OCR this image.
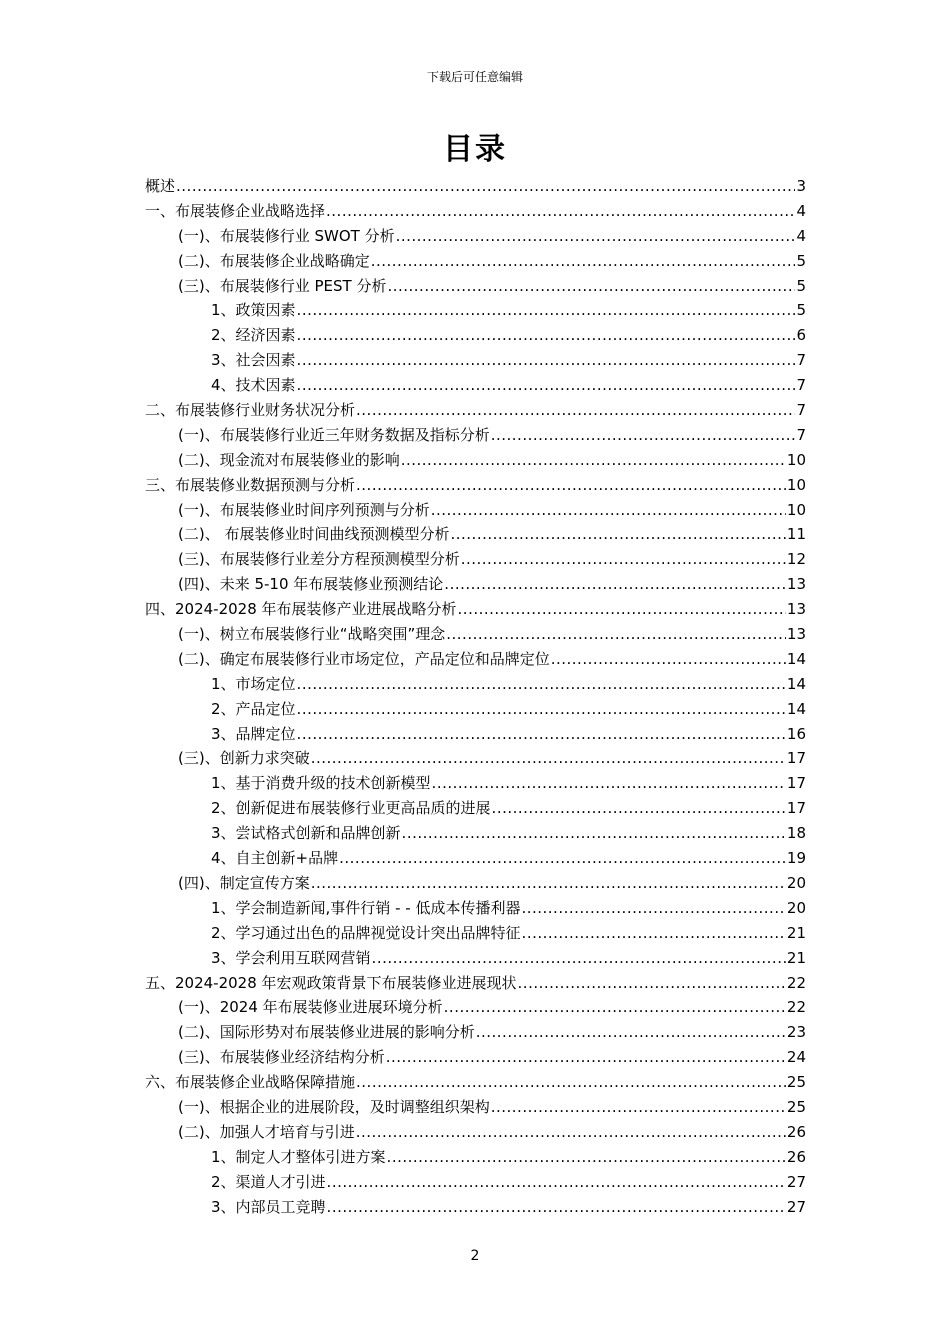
下载后可任意编辑
目录
概述 .....	3
一、布展装修企业战略选择 .....	4
(一)、布展装修行业 SWOT 分析 .....	4
(二)、布展装修企业战略确定 .....	5
(三)、布展装修行业 PEST 分析 .....	5
1、政策因素 .....	5
2、经济因素 .....	6
3、社会因素 .....	7
4、技术因素 .....	7
二、布展装修行业财务状况分析 .....	7
(一)、布展装修行业近三年财务数据及指标分析 .....	7
(二)、现金流对布展装修业的影响 .....	10
三、布展装修业数据预测与分析 .....	10
(一)、布展装修业时间序列预测与分析 .....	10
(二)、 布展装修业时间曲线预测模型分析 .....	11
(三)、布展装修行业差分方程预测模型分析 .....	12
(四)、未来 5-10 年布展装修业预测结论 .....	13
四、2024-2028 年布展装修产业进展战略分析 .....	13
(一)、树立布展装修行业“战略突围”理念 .....	13
(二)、确定布展装修行业市场定位，产品定位和品牌定位 .....	14
1、市场定位 .....	14
2、产品定位 .....	14
3、品牌定位 .....	16
(三)、创新力求突破 .....	17
1、基于消费升级的技术创新模型 .....	17
2、创新促进布展装修行业更高品质的进展 .....	17
3、尝试格式创新和品牌创新 .....	18
4、自主创新+品牌 .....	19
(四)、制定宣传方案 .....	20
1、学会制造新闻,事件行销 - - 低成本传播利器 .....	20
2、学习通过出色的品牌视觉设计突出品牌特征 .....	21
3、学会利用互联网营销 .....	21
五、2024-2028 年宏观政策背景下布展装修业进展现状 .....	22
(一)、2024 年布展装修业进展环境分析 .....	22
(二)、国际形势对布展装修业进展的影响分析 .....	23
(三)、布展装修业经济结构分析 .....	24
六、布展装修企业战略保障措施 .....	25
(一)、根据企业的进展阶段，及时调整组织架构 .....	25
(二)、加强人才培育与引进 .....	26
1、制定人才整体引进方案 .....	26
2、渠道人才引进 .....	27
3、内部员工竞聘 .....	27
2
